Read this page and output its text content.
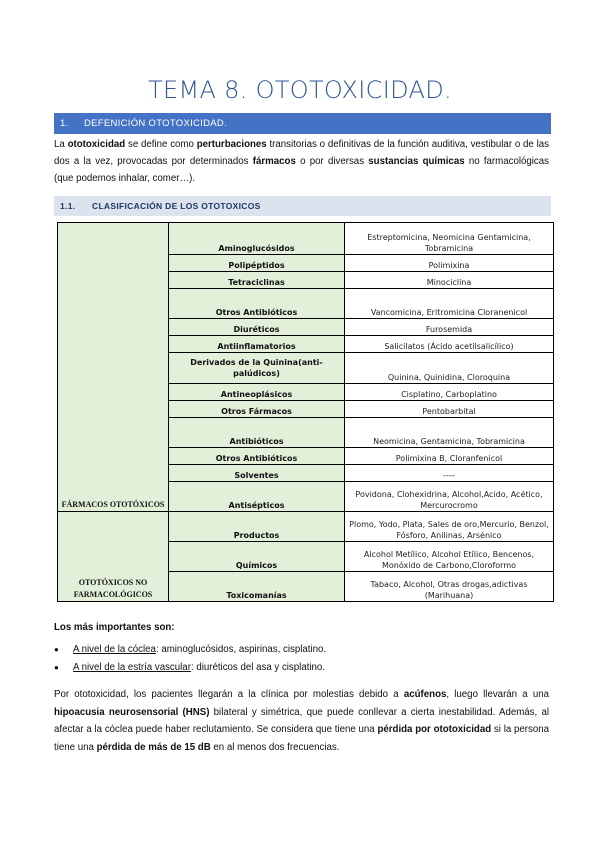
TEMA 8. OTOTOXICIDAD.
1. DEFENICIÓN OTOTOXICIDAD.
La ototoxicidad se define como perturbaciones transitorias o definitivas de la función auditiva, vestibular o de las dos a la vez, provocadas por determinados fármacos o por diversas sustancias químicas no farmacológicas (que podemos inhalar, comer…).
1.1. CLASIFICACIÓN DE LOS OTOTOXICOS
FÁRMACOS OTOTÓXICOS	Aminoglucósidos	Estreptomicina, Neomicina Gentamicina, Tobramicina
	Polipéptidos	Polimixina
	Tetraciclinas	Minociclina
	Otros Antibióticos	Vancomicina, Eritromicina Cloranenicol
	Diuréticos	Furosemida
	Antiinflamatorios	Salicilatos (Ácido acetilsalicílico)
	Derivados de la Quinina(anti-palúdicos)	Quinina, Quinidina, Cloroquina
	Antineoplásicos	Cisplatino, Carboplatino
	Otros Fármacos	Pentobarbital
	Antibióticos	Neomicina, Gentamicina, Tobramicina
	Otros Antibióticos	Polimixina B, Cloranfenicol
	Solventes	----
	Antisépticos	Povidona, Clohexidrina, Alcohol,Acido, Acético, Mercurocromo
OTOTÓXICOS NO FARMACOLÓGICOS	Productos	Plomo, Yodo, Plata, Sales de oro,Mercurio, Benzol, Fósforo, Anilinas, Arsénico
	Químicos	Alcohol Metílico, Alcohol Etílico, Bencenos, Monóxido de Carbono,Cloroformo
	Toxicomanías	Tabaco, Alcohol, Otras drogas,adictivas (Marihuana)
Los más importantes son:
● A nivel de la cóclea: aminoglucósidos, aspirinas, cisplatino.
● A nivel de la estría vascular: diuréticos del asa y cisplatino.
Por ototoxicidad, los pacientes llegarán a la clínica por molestias debido a acúfenos, luego llevarán a una hipoacusia neurosensorial (HNS) bilateral y simétrica, que puede conllevar a cierta inestabilidad. Además, al afectar a la cóclea puede haber reclutamiento. Se considera que tiene una pérdida por ototoxicidad si la persona tiene una pérdida de más de 15 dB en al menos dos frecuencias.
